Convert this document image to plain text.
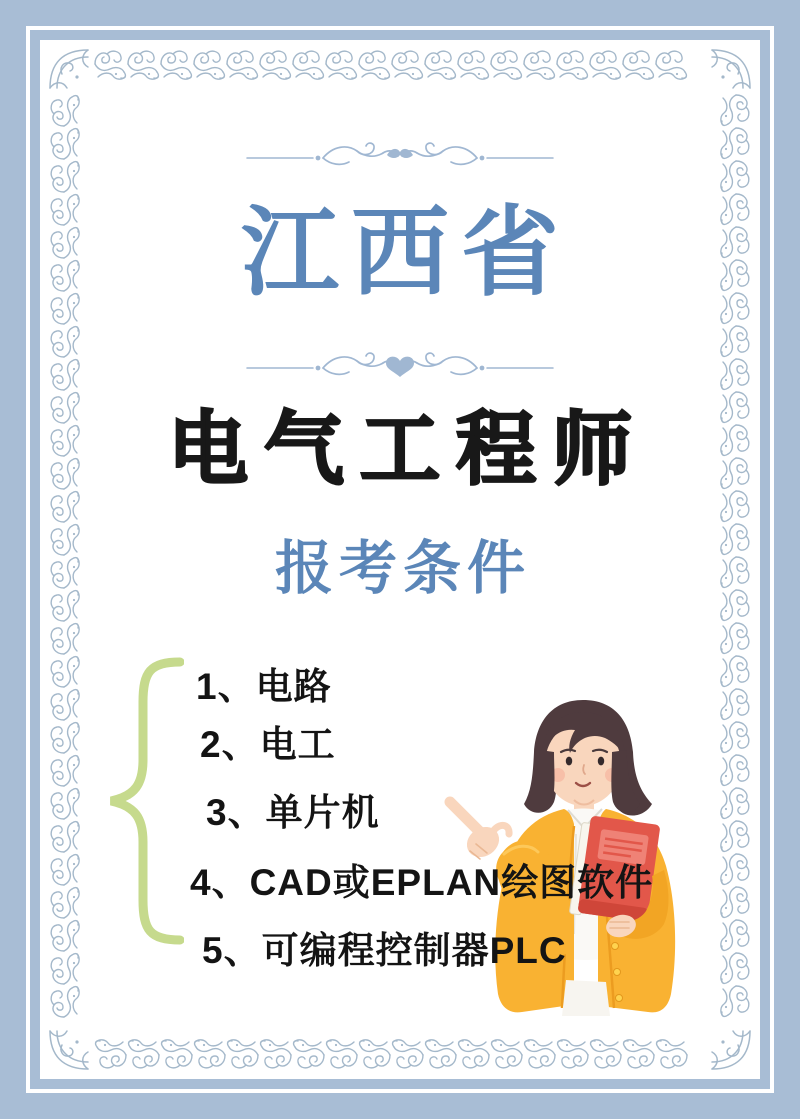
江西省
电气工程师
报考条件
1、电路
2、电工
3、单片机
4、CAD或EPLAN绘图软件
5、可编程控制器PLC
